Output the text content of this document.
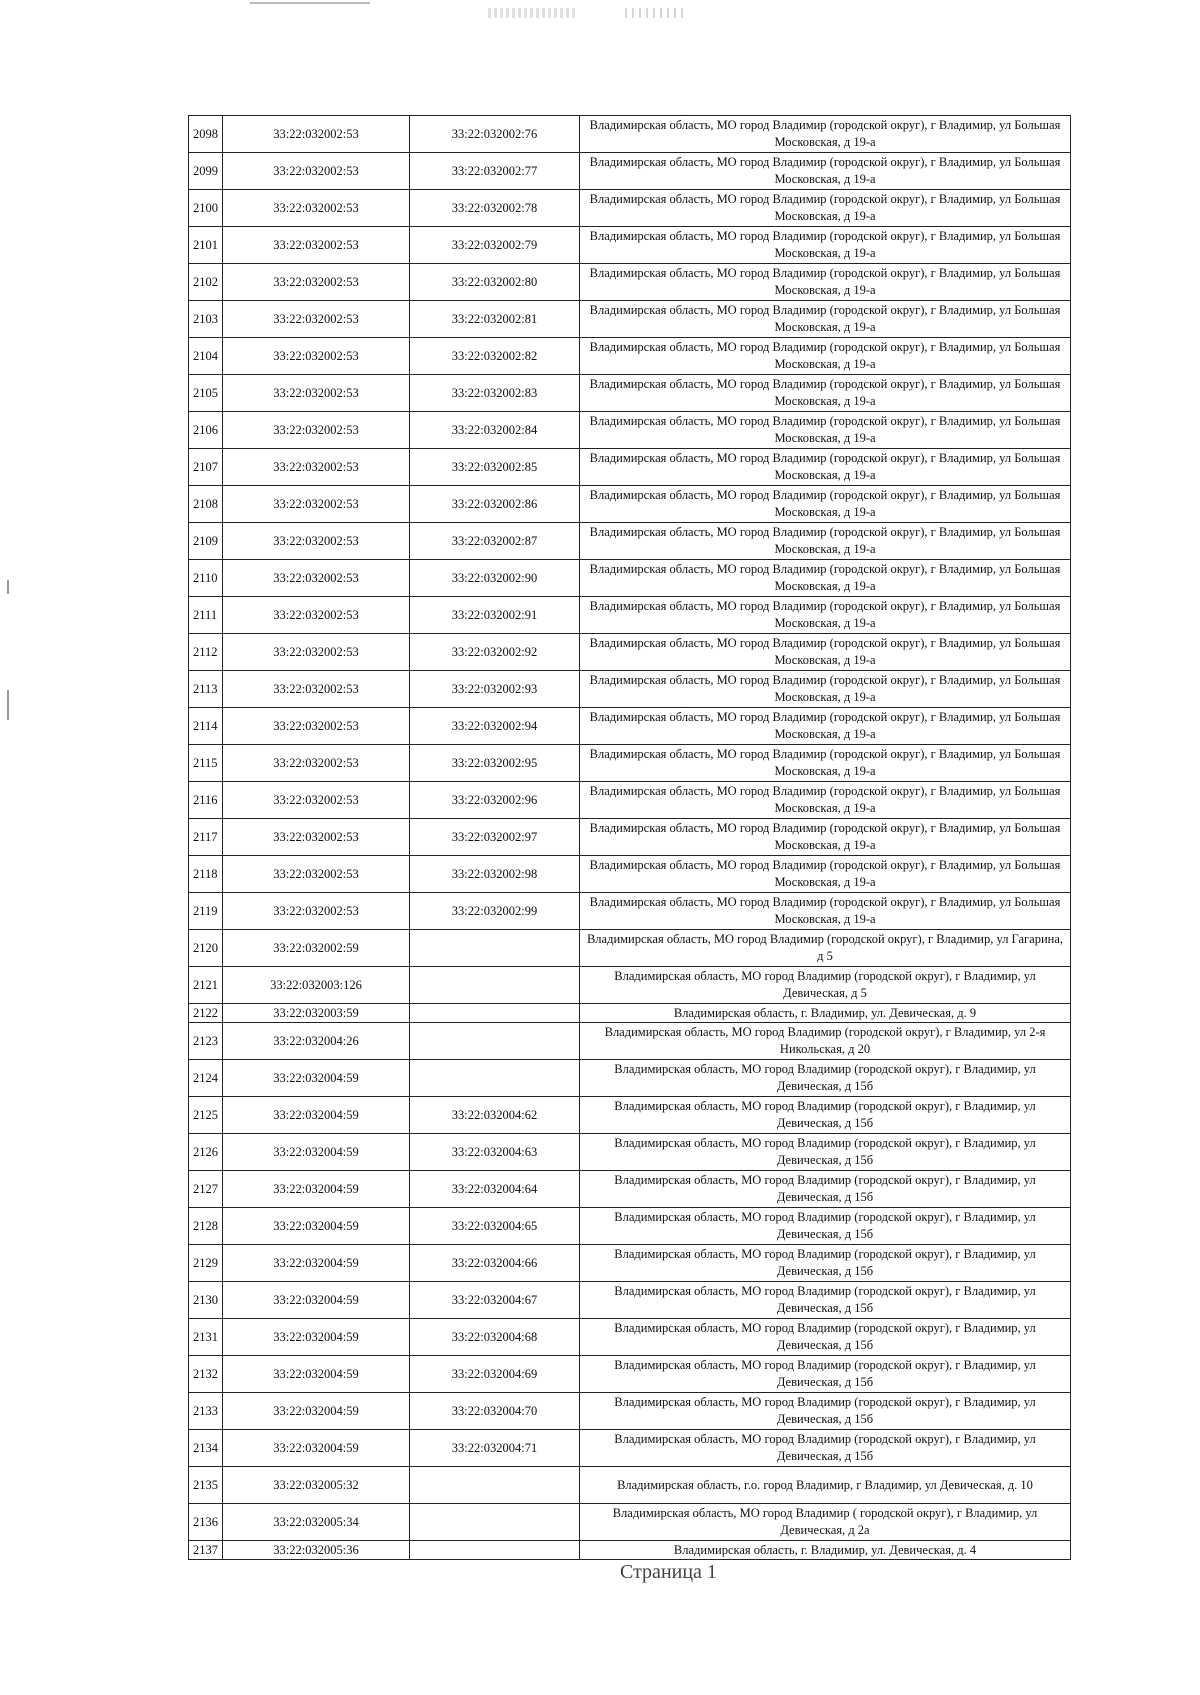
2098	33:22:032002:53	33:22:032002:76	Владимирская область, МО город Владимир (городской округ), г Владимир, ул Большая Московская, д 19-а
2099	33:22:032002:53	33:22:032002:77	Владимирская область, МО город Владимир (городской округ), г Владимир, ул Большая Московская, д 19-а
2100	33:22:032002:53	33:22:032002:78	Владимирская область, МО город Владимир (городской округ), г Владимир, ул Большая Московская, д 19-а
2101	33:22:032002:53	33:22:032002:79	Владимирская область, МО город Владимир (городской округ), г Владимир, ул Большая Московская, д 19-а
2102	33:22:032002:53	33:22:032002:80	Владимирская область, МО город Владимир (городской округ), г Владимир, ул Большая Московская, д 19-а
2103	33:22:032002:53	33:22:032002:81	Владимирская область, МО город Владимир (городской округ), г Владимир, ул Большая Московская, д 19-а
2104	33:22:032002:53	33:22:032002:82	Владимирская область, МО город Владимир (городской округ), г Владимир, ул Большая Московская, д 19-а
2105	33:22:032002:53	33:22:032002:83	Владимирская область, МО город Владимир (городской округ), г Владимир, ул Большая Московская, д 19-а
2106	33:22:032002:53	33:22:032002:84	Владимирская область, МО город Владимир (городской округ), г Владимир, ул Большая Московская, д 19-а
2107	33:22:032002:53	33:22:032002:85	Владимирская область, МО город Владимир (городской округ), г Владимир, ул Большая Московская, д 19-а
2108	33:22:032002:53	33:22:032002:86	Владимирская область, МО город Владимир (городской округ), г Владимир, ул Большая Московская, д 19-а
2109	33:22:032002:53	33:22:032002:87	Владимирская область, МО город Владимир (городской округ), г Владимир, ул Большая Московская, д 19-а
2110	33:22:032002:53	33:22:032002:90	Владимирская область, МО город Владимир (городской округ), г Владимир, ул Большая Московская, д 19-а
2111	33:22:032002:53	33:22:032002:91	Владимирская область, МО город Владимир (городской округ), г Владимир, ул Большая Московская, д 19-а
2112	33:22:032002:53	33:22:032002:92	Владимирская область, МО город Владимир (городской округ), г Владимир, ул Большая Московская, д 19-а
2113	33:22:032002:53	33:22:032002:93	Владимирская область, МО город Владимир (городской округ), г Владимир, ул Большая Московская, д 19-а
2114	33:22:032002:53	33:22:032002:94	Владимирская область, МО город Владимир (городской округ), г Владимир, ул Большая Московская, д 19-а
2115	33:22:032002:53	33:22:032002:95	Владимирская область, МО город Владимир (городской округ), г Владимир, ул Большая Московская, д 19-а
2116	33:22:032002:53	33:22:032002:96	Владимирская область, МО город Владимир (городской округ), г Владимир, ул Большая Московская, д 19-а
2117	33:22:032002:53	33:22:032002:97	Владимирская область, МО город Владимир (городской округ), г Владимир, ул Большая Московская, д 19-а
2118	33:22:032002:53	33:22:032002:98	Владимирская область, МО город Владимир (городской округ), г Владимир, ул Большая Московская, д 19-а
2119	33:22:032002:53	33:22:032002:99	Владимирская область, МО город Владимир (городской округ), г Владимир, ул Большая Московская, д 19-а
2120	33:22:032002:59		Владимирская область, МО город Владимир (городской округ), г Владимир, ул Гагарина, д 5
2121	33:22:032003:126		Владимирская область, МО город Владимир (городской округ), г Владимир, ул Девическая, д 5
2122	33:22:032003:59		Владимирская область, г. Владимир, ул. Девическая, д. 9
2123	33:22:032004:26		Владимирская область, МО город Владимир (городской округ), г Владимир, ул 2-я Никольская, д 20
2124	33:22:032004:59		Владимирская область, МО город Владимир (городской округ), г Владимир, ул Девическая, д 15б
2125	33:22:032004:59	33:22:032004:62	Владимирская область, МО город Владимир (городской округ), г Владимир, ул Девическая, д 15б
2126	33:22:032004:59	33:22:032004:63	Владимирская область, МО город Владимир (городской округ), г Владимир, ул Девическая, д 15б
2127	33:22:032004:59	33:22:032004:64	Владимирская область, МО город Владимир (городской округ), г Владимир, ул Девическая, д 15б
2128	33:22:032004:59	33:22:032004:65	Владимирская область, МО город Владимир (городской округ), г Владимир, ул Девическая, д 15б
2129	33:22:032004:59	33:22:032004:66	Владимирская область, МО город Владимир (городской округ), г Владимир, ул Девическая, д 15б
2130	33:22:032004:59	33:22:032004:67	Владимирская область, МО город Владимир (городской округ), г Владимир, ул Девическая, д 15б
2131	33:22:032004:59	33:22:032004:68	Владимирская область, МО город Владимир (городской округ), г Владимир, ул Девическая, д 15б
2132	33:22:032004:59	33:22:032004:69	Владимирская область, МО город Владимир (городской округ), г Владимир, ул Девическая, д 15б
2133	33:22:032004:59	33:22:032004:70	Владимирская область, МО город Владимир (городской округ), г Владимир, ул Девическая, д 15б
2134	33:22:032004:59	33:22:032004:71	Владимирская область, МО город Владимир (городской округ), г Владимир, ул Девическая, д 15б
2135	33:22:032005:32		Владимирская область, г.о. город Владимир, г Владимир, ул Девическая, д. 10
2136	33:22:032005:34		Владимирская область, МО город Владимир ( городской округ), г Владимир, ул Девическая, д 2а
2137	33:22:032005:36		Владимирская область, г. Владимир, ул. Девическая, д. 4
Страница 1
